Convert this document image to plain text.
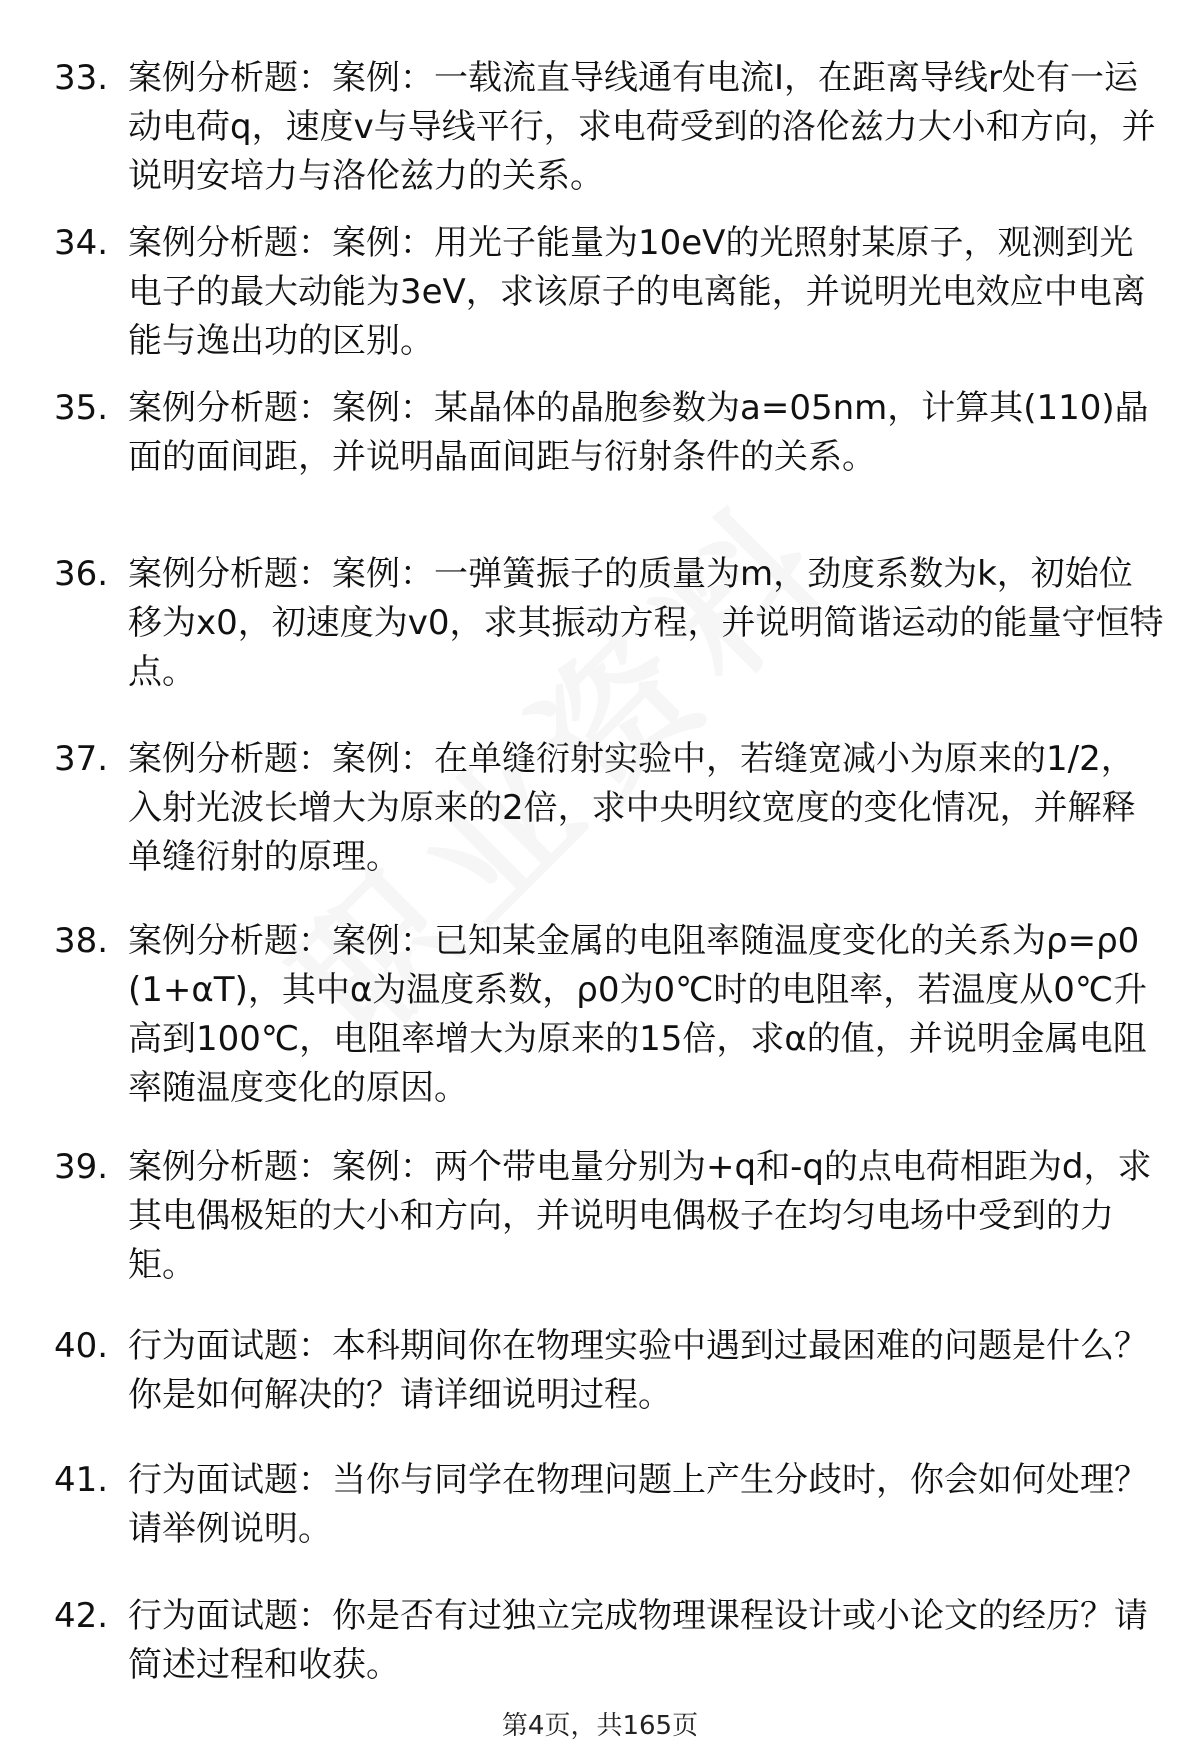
33. 案例分析题：案例：一载流直导线通有电流I，在距离导线r处有一运动电荷q，速度v与导线平行，求电荷受到的洛伦兹力大小和方向，并说明安培力与洛伦兹力的关系。
34. 案例分析题：案例：用光子能量为10eV的光照射某原子，观测到光电子的最大动能为3eV，求该原子的电离能，并说明光电效应中电离能与逸出功的区别。
35. 案例分析题：案例：某晶体的晶胞参数为a=05nm，计算其(110)晶面的面间距，并说明晶面间距与衍射条件的关系。
36. 案例分析题：案例：一弹簧振子的质量为m，劲度系数为k，初始位移为x0，初速度为v0，求其振动方程，并说明简谐运动的能量守恒特点。
37. 案例分析题：案例：在单缝衍射实验中，若缝宽减小为原来的1/2，入射光波长增大为原来的2倍，求中央明纹宽度的变化情况，并解释单缝衍射的原理。
38. 案例分析题：案例：已知某金属的电阻率随温度变化的关系为ρ=ρ0(1+αT)，其中α为温度系数，ρ0为0℃时的电阻率，若温度从0℃升高到100℃，电阻率增大为原来的15倍，求α的值，并说明金属电阻率随温度变化的原因。
39. 案例分析题：案例：两个带电量分别为+q和-q的点电荷相距为d，求其电偶极矩的大小和方向，并说明电偶极子在均匀电场中受到的力矩。
40. 行为面试题：本科期间你在物理实验中遇到过最困难的问题是什么？你是如何解决的？请详细说明过程。
41. 行为面试题：当你与同学在物理问题上产生分歧时，你会如何处理？请举例说明。
42. 行为面试题：你是否有过独立完成物理课程设计或小论文的经历？请简述过程和收获。
第4页，共165页
